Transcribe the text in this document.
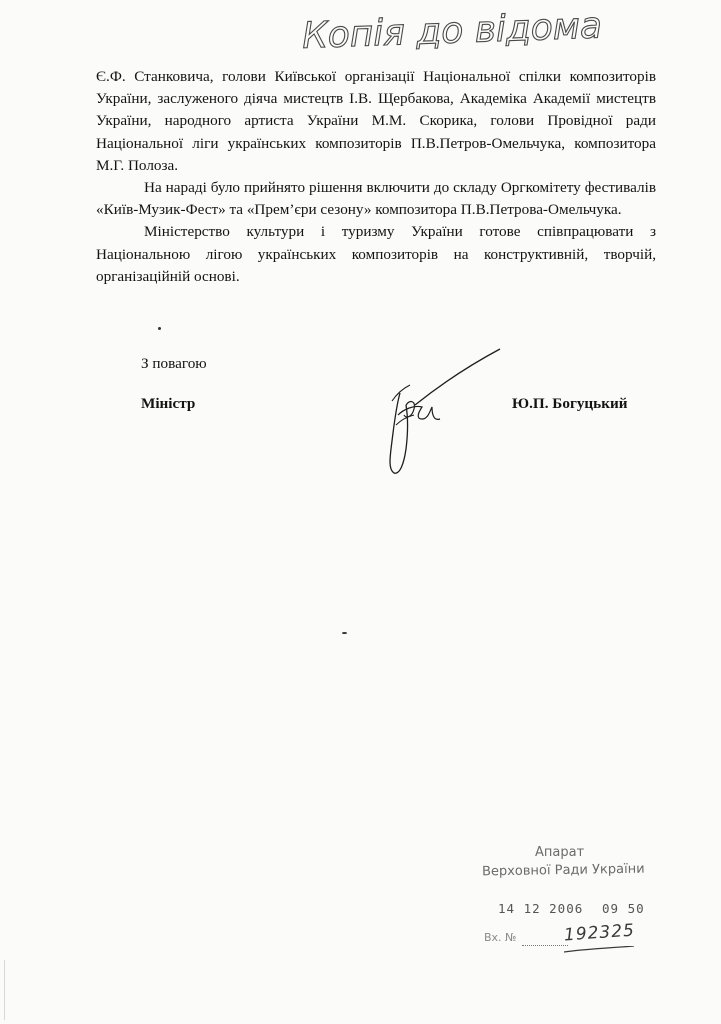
Копія до відома

Є.Ф. Станковича, голови Київської організації Національної спілки композиторів України, заслуженого діяча мистецтв І.В. Щербакова, Академіка Академії мистецтв України, народного артиста України М.М. Скорика, голови Провідної ради Національної ліги українських композиторів П.В.Петров-Омельчука, композитора М.Г. Полоза.

На нараді було прийнято рішення включити до складу Оргкомітету фестивалів «Київ-Музик-Фест» та «Прем’єри сезону» композитора П.В.Петрова-Омельчука.

Міністерство культури і туризму України готове співпрацювати з Національною лігою українських композиторів на конструктивній, творчій, організаційній основі.

З повагою
Міністр	Ю.П. Богуцький
Апарат
Верховної Ради України
14 12 2006 09 50
Вх. №	192325
